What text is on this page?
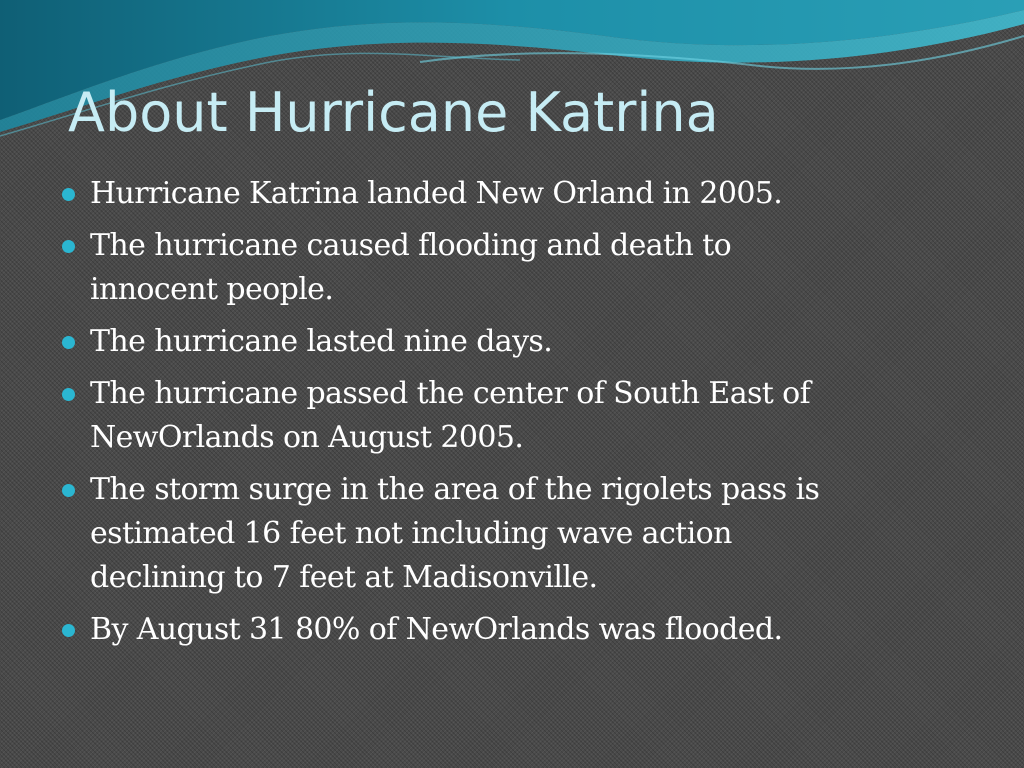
About Hurricane Katrina
Hurricane Katrina landed New Orland in 2005.
The hurricane caused flooding and death to innocent people.
The hurricane lasted nine days.
The hurricane passed the center of South East of NewOrlands on August 2005.
The storm surge in the area of the rigolets pass is estimated 16 feet not including wave action declining to 7 feet at Madisonville.
By August 31 80% of NewOrlands was flooded.
